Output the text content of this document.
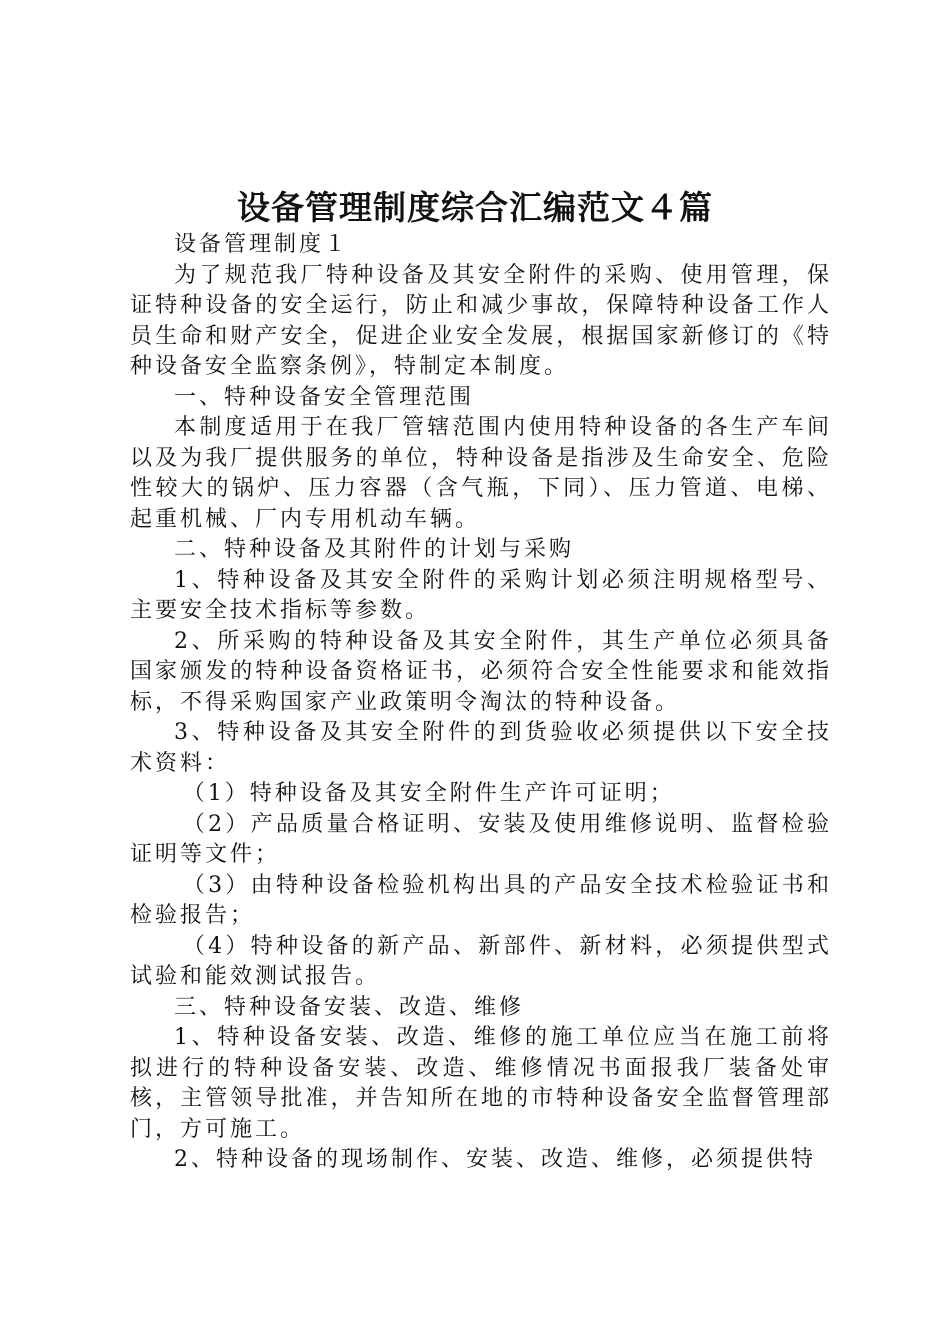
设备管理制度综合汇编范文４篇

设备管理制度１

为了规范我厂特种设备及其安全附件的采购、使用管理，保证特种设备的安全运行，防止和减少事故，保障特种设备工作人员生命和财产安全，促进企业安全发展，根据国家新修订的《特种设备安全监察条例》，特制定本制度。

一、特种设备安全管理范围

本制度适用于在我厂管辖范围内使用特种设备的各生产车间以及为我厂提供服务的单位，特种设备是指涉及生命安全、危险性较大的锅炉、压力容器（含气瓶，下同）、压力管道、电梯、起重机械、厂内专用机动车辆。

二、特种设备及其附件的计划与采购

1、特种设备及其安全附件的采购计划必须注明规格型号、主要安全技术指标等参数。

2、所采购的特种设备及其安全附件，其生产单位必须具备国家颁发的特种设备资格证书，必须符合安全性能要求和能效指标，不得采购国家产业政策明令淘汰的特种设备。

3、特种设备及其安全附件的到货验收必须提供以下安全技术资料：

（1）特种设备及其安全附件生产许可证明；

（2）产品质量合格证明、安装及使用维修说明、监督检验证明等文件；

（3）由特种设备检验机构出具的产品安全技术检验证书和检验报告；

（4）特种设备的新产品、新部件、新材料，必须提供型式试验和能效测试报告。

三、特种设备安装、改造、维修

1、特种设备安装、改造、维修的施工单位应当在施工前将拟进行的特种设备安装、改造、维修情况书面报我厂装备处审核，主管领导批准，并告知所在地的市特种设备安全监督管理部门，方可施工。

2、特种设备的现场制作、安装、改造、维修，必须提供特
